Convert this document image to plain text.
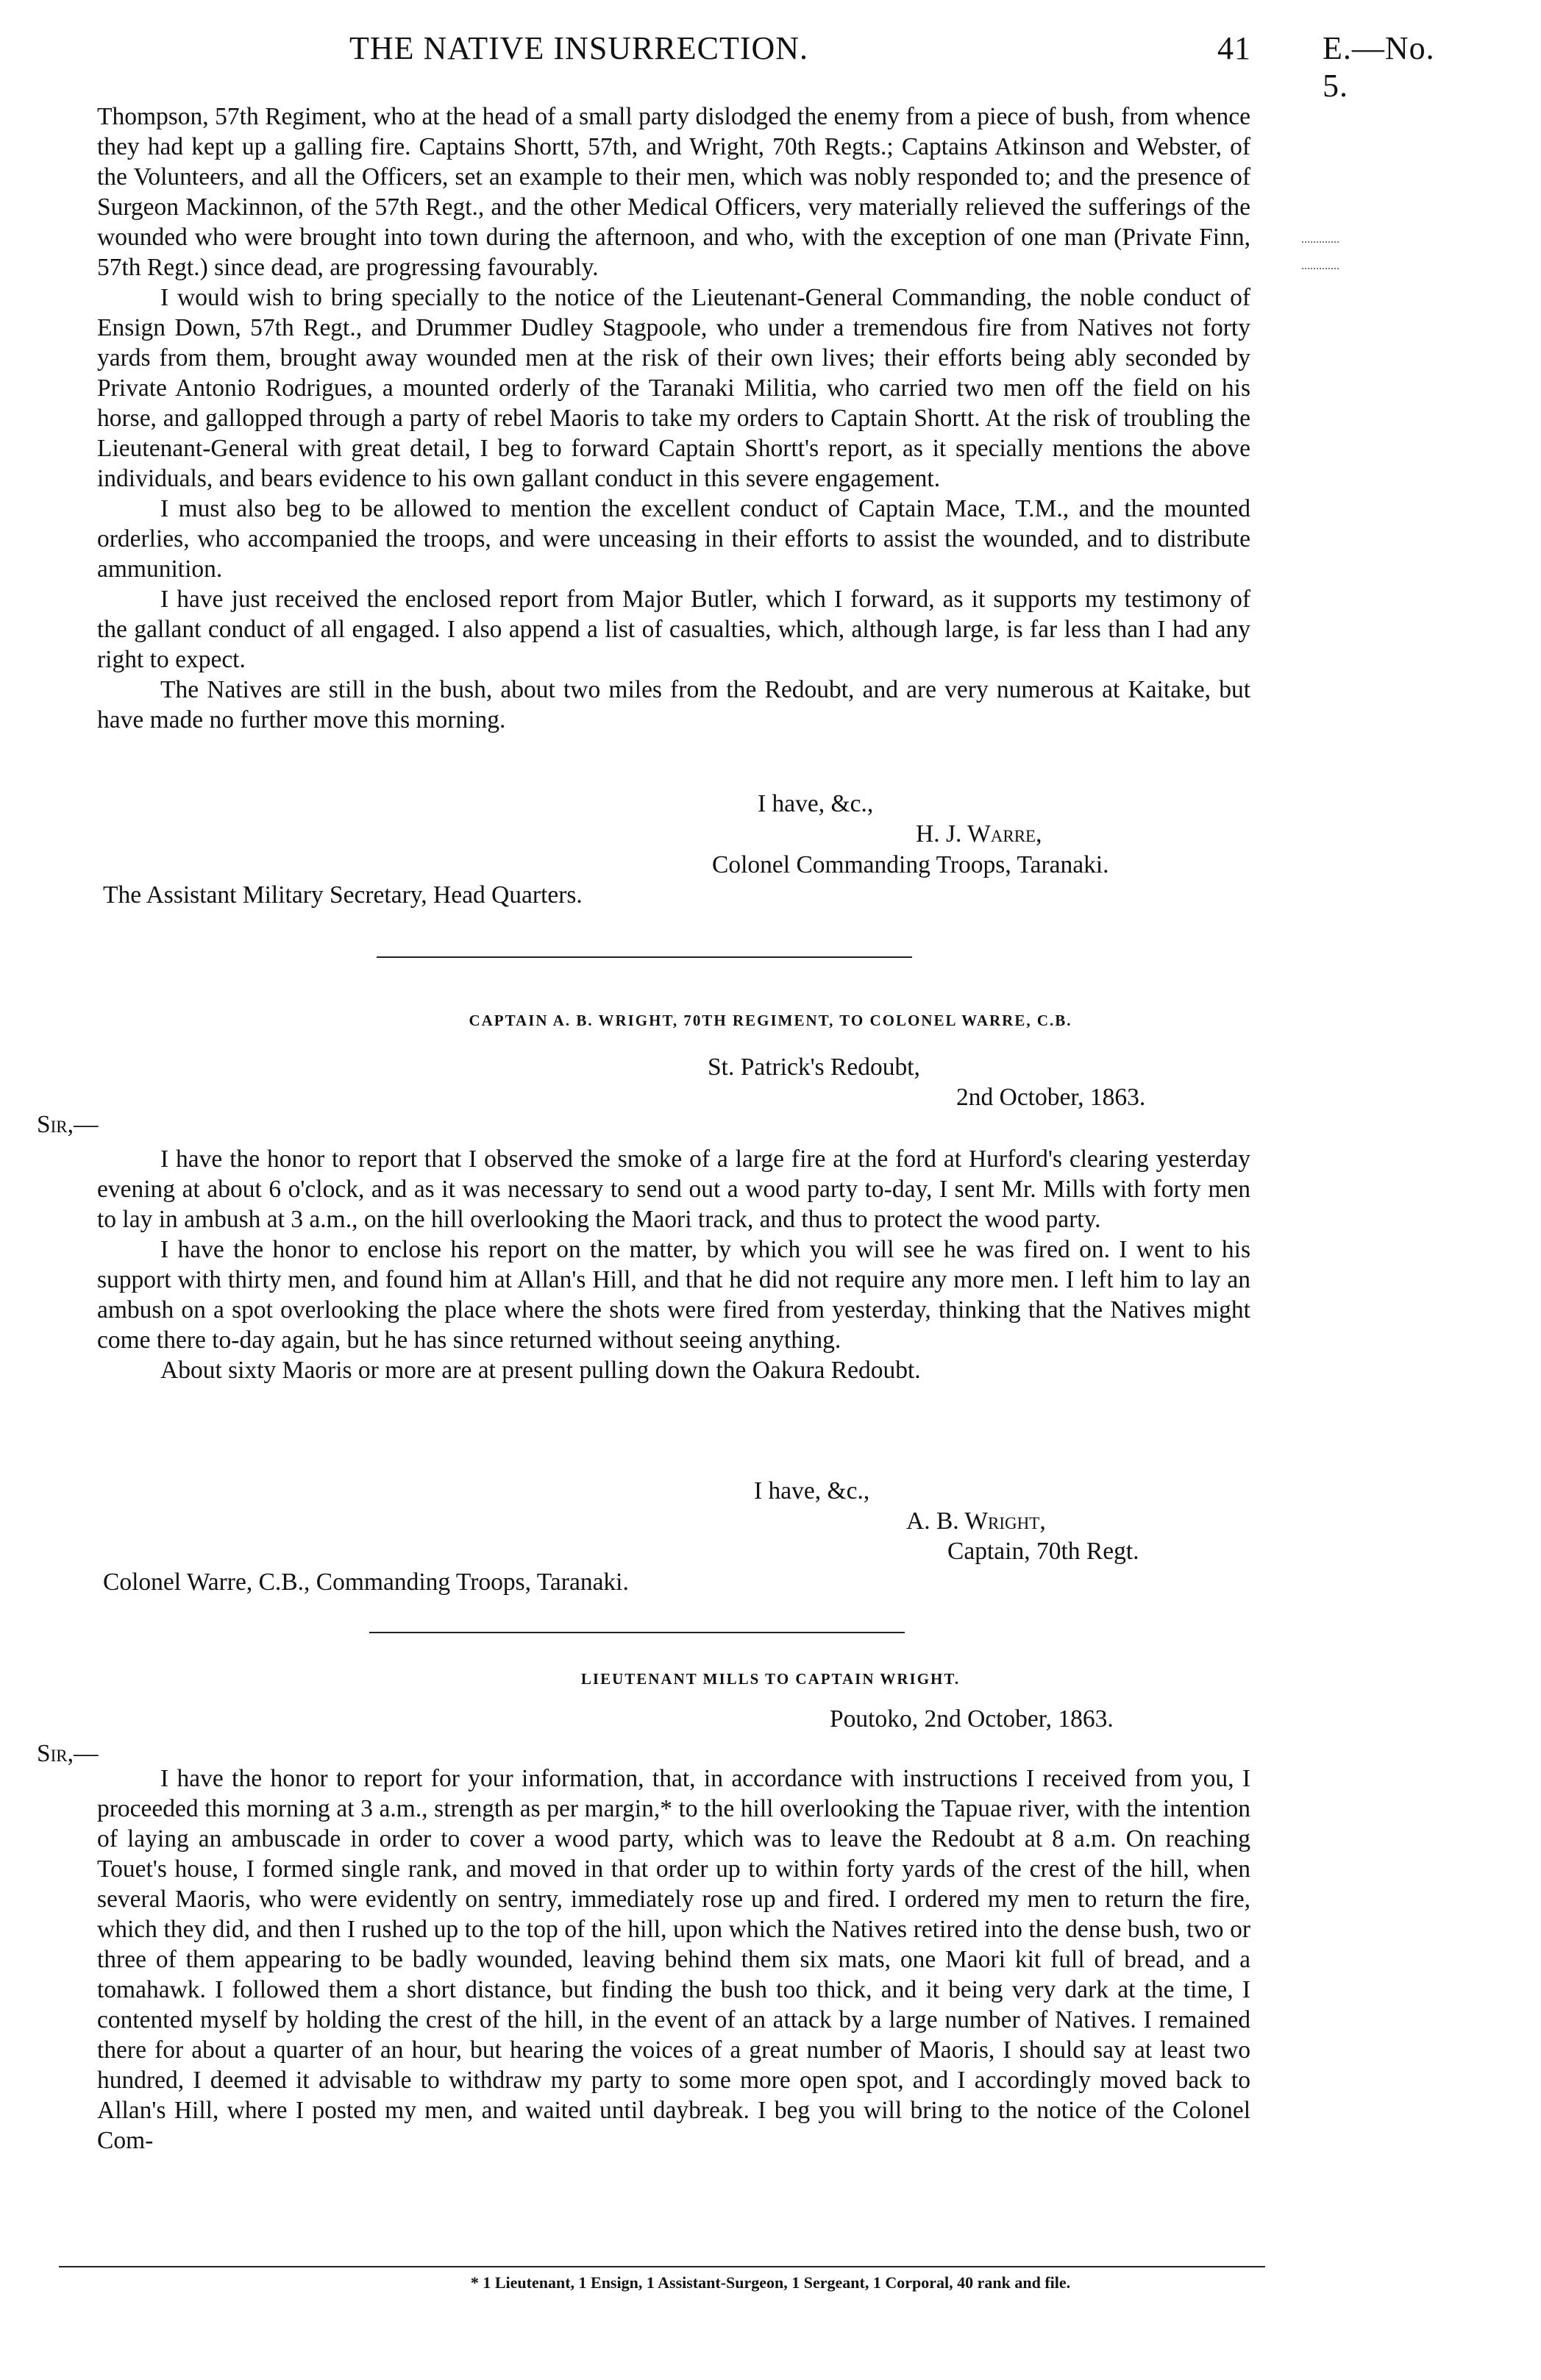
THE NATIVE INSURRECTION.	41 E.—No. 5.

Thompson, 57th Regiment, who at the head of a small party dislodged the enemy from a piece of bush, from whence they had kept up a galling fire. Captains Shortt, 57th, and Wright, 70th Regts.; Captains Atkinson and Webster, of the Volunteers, and all the Officers, set an example to their men, which was nobly responded to; and the presence of Surgeon Mackinnon, of the 57th Regt., and the other Medical Officers, very materially relieved the sufferings of the wounded who were brought into town during the afternoon, and who, with the exception of one man (Private Finn, 57th Regt.) since dead, are progressing favourably.

I would wish to bring specially to the notice of the Lieutenant-General Commanding, the noble conduct of Ensign Down, 57th Regt., and Drummer Dudley Stagpoole, who under a tremendous fire from Natives not forty yards from them, brought away wounded men at the risk of their own lives; their efforts being ably seconded by Private Antonio Rodrigues, a mounted orderly of the Taranaki Militia, who carried two men off the field on his horse, and gallopped through a party of rebel Maoris to take my orders to Captain Shortt. At the risk of troubling the Lieutenant-General with great detail, I beg to forward Captain Shortt's report, as it specially mentions the above individuals, and bears evidence to his own gallant conduct in this severe engagement.

I must also beg to be allowed to mention the excellent conduct of Captain Mace, T.M., and the mounted orderlies, who accompanied the troops, and were unceasing in their efforts to assist the wounded, and to distribute ammunition.

I have just received the enclosed report from Major Butler, which I forward, as it supports my testimony of the gallant conduct of all engaged. I also append a list of casualties, which, although large, is far less than I had any right to expect.

The Natives are still in the bush, about two miles from the Redoubt, and are very numerous at Kaitake, but have made no further move this morning.

I have, &c.,
H. J. Warre,
Colonel Commanding Troops, Taranaki.
The Assistant Military Secretary, Head Quarters.
CAPTAIN A. B. WRIGHT, 70TH REGIMENT, TO COLONEL WARRE, C.B.
St. Patrick's Redoubt,
2nd October, 1863.
Sir,—

I have the honor to report that I observed the smoke of a large fire at the ford at Hurford's clearing yesterday evening at about 6 o'clock, and as it was necessary to send out a wood party to-day, I sent Mr. Mills with forty men to lay in ambush at 3 a.m., on the hill overlooking the Maori track, and thus to protect the wood party.

I have the honor to enclose his report on the matter, by which you will see he was fired on. I went to his support with thirty men, and found him at Allan's Hill, and that he did not require any more men. I left him to lay an ambush on a spot overlooking the place where the shots were fired from yesterday, thinking that the Natives might come there to-day again, but he has since returned without seeing anything.

About sixty Maoris or more are at present pulling down the Oakura Redoubt.

I have, &c.,
A. B. Wright,
Captain, 70th Regt.
Colonel Warre, C.B., Commanding Troops, Taranaki.
LIEUTENANT MILLS TO CAPTAIN WRIGHT.
Poutoko, 2nd October, 1863.
Sir,—

I have the honor to report for your information, that, in accordance with instructions I received from you, I proceeded this morning at 3 a.m., strength as per margin,* to the hill overlooking the Tapuae river, with the intention of laying an ambuscade in order to cover a wood party, which was to leave the Redoubt at 8 a.m. On reaching Touet's house, I formed single rank, and moved in that order up to within forty yards of the crest of the hill, when several Maoris, who were evidently on sentry, immediately rose up and fired. I ordered my men to return the fire, which they did, and then I rushed up to the top of the hill, upon which the Natives retired into the dense bush, two or three of them appearing to be badly wounded, leaving behind them six mats, one Maori kit full of bread, and a tomahawk. I followed them a short distance, but finding the bush too thick, and it being very dark at the time, I contented myself by holding the crest of the hill, in the event of an attack by a large number of Natives. I remained there for about a quarter of an hour, but hearing the voices of a great number of Maoris, I should say at least two hundred, I deemed it advisable to withdraw my party to some more open spot, and I accordingly moved back to Allan's Hill, where I posted my men, and waited until daybreak. I beg you will bring to the notice of the Colonel Com-

* 1 Lieutenant, 1 Ensign, 1 Assistant-Surgeon, 1 Sergeant, 1 Corporal, 40 rank and file.
